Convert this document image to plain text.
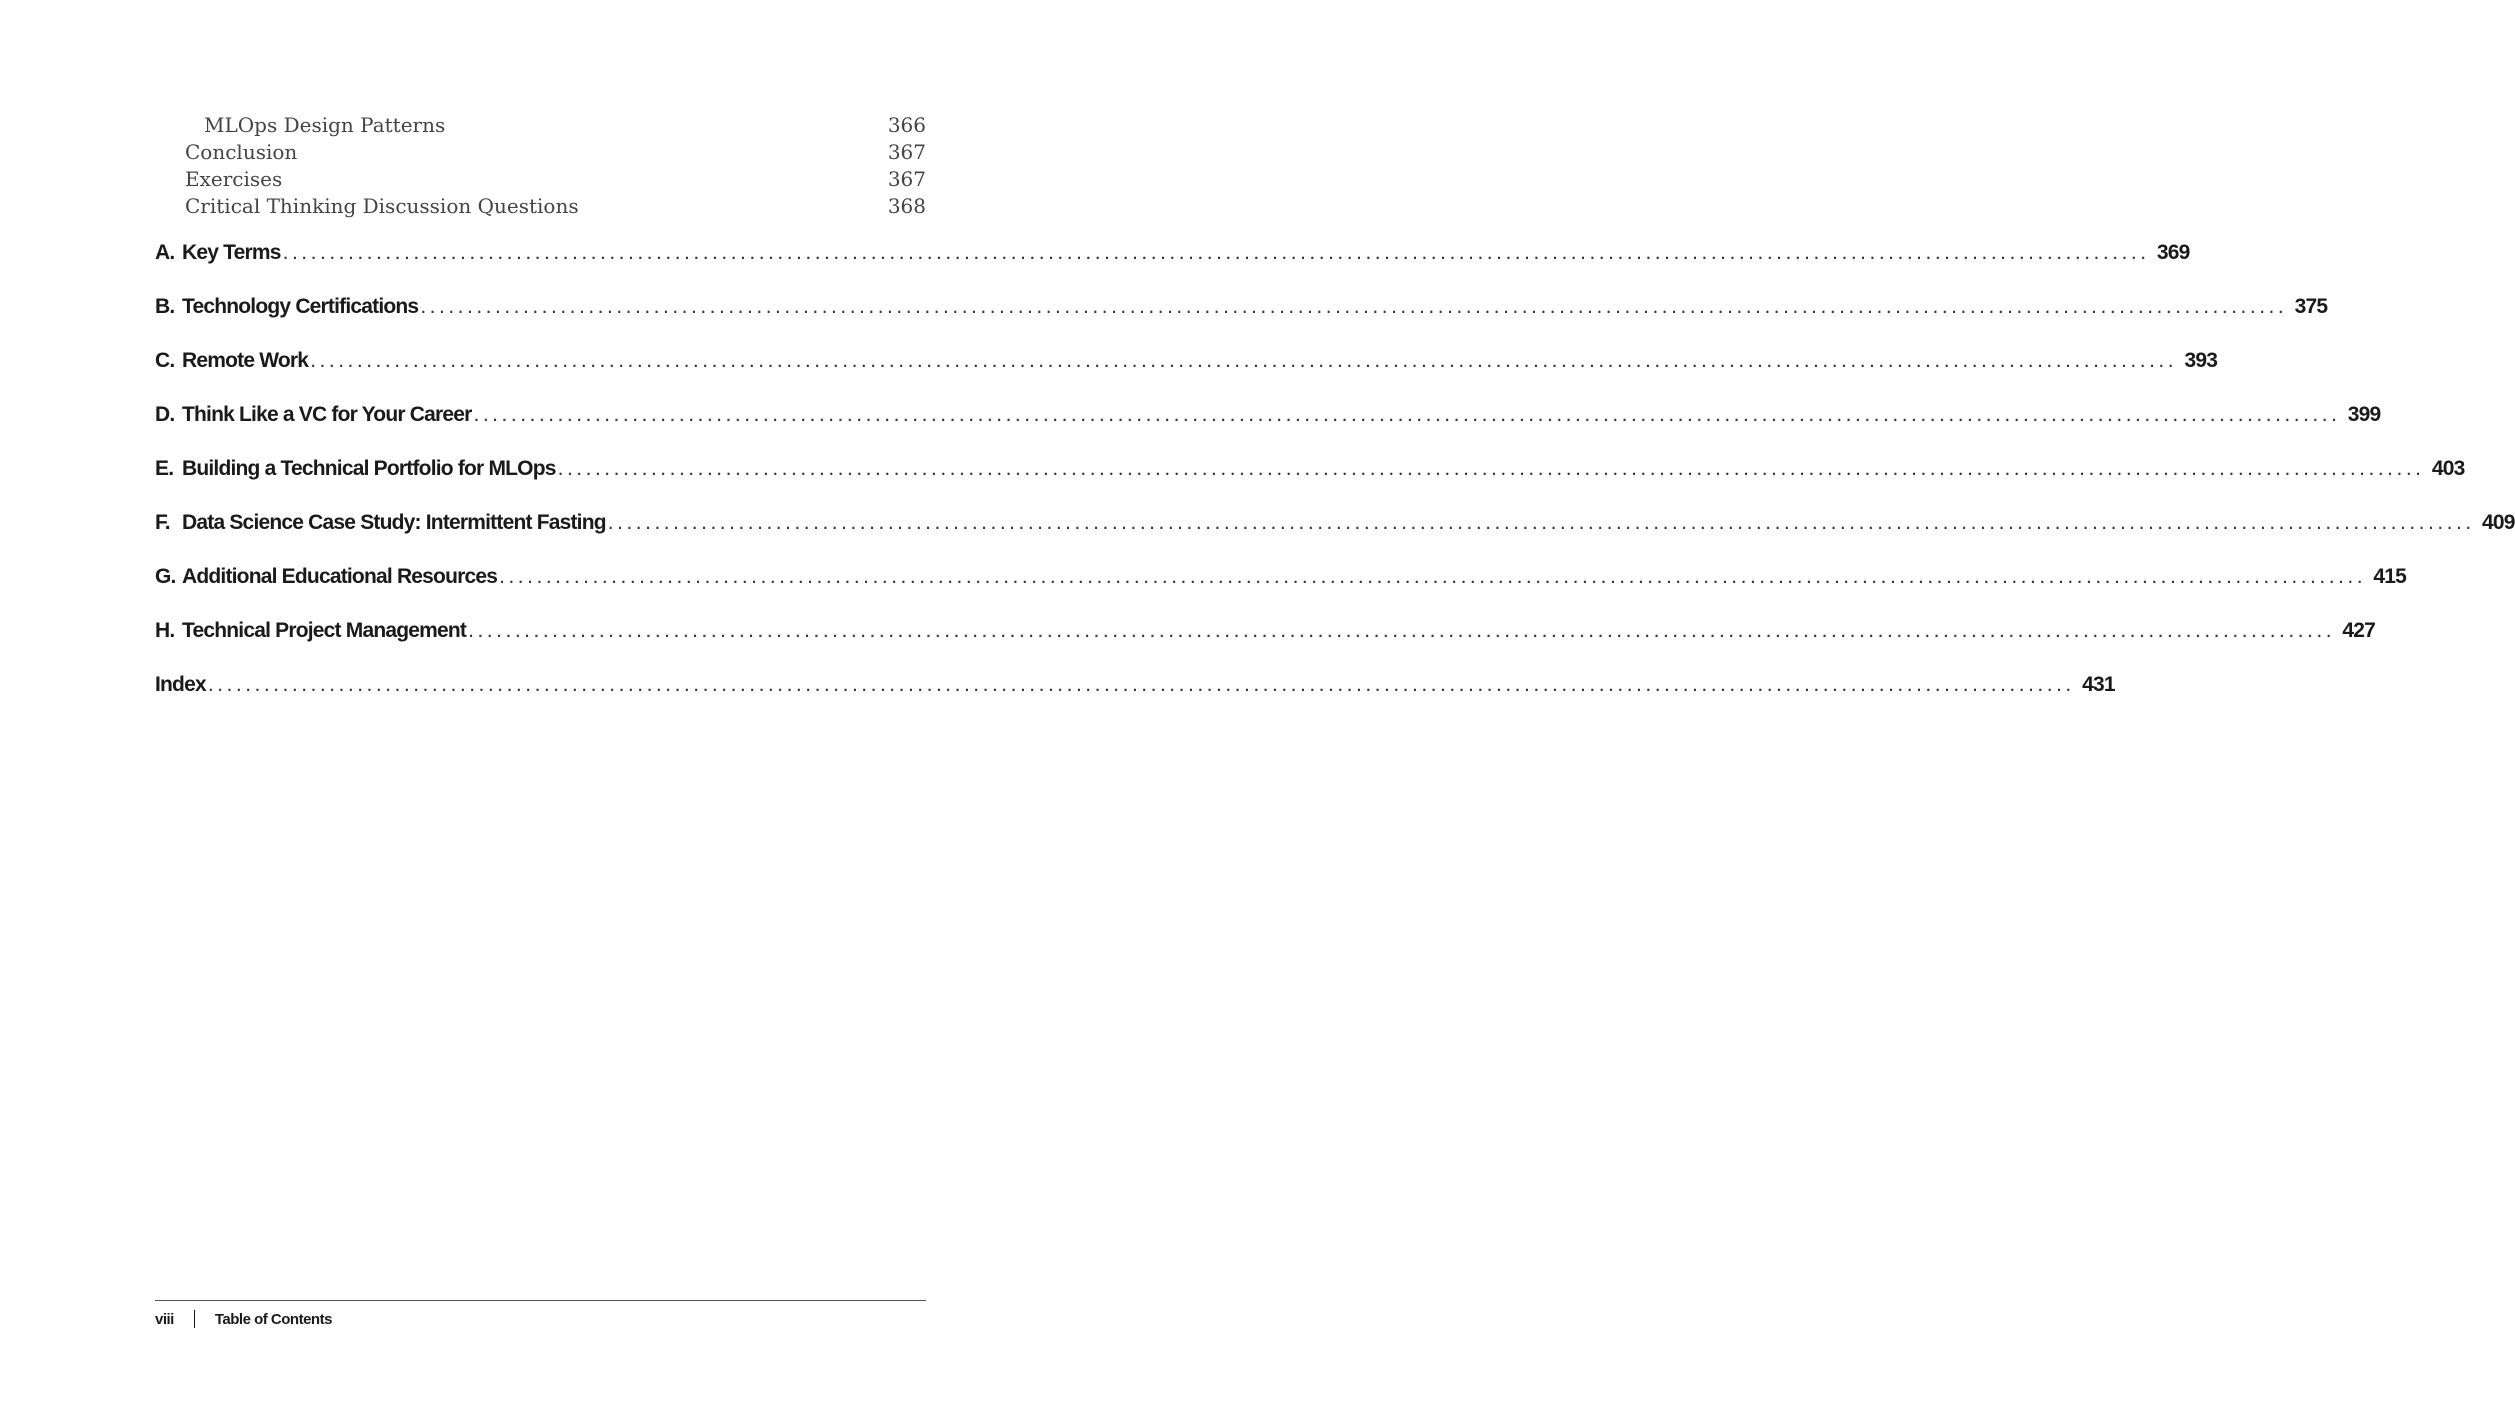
MLOps Design Patterns	366
Conclusion	367
Exercises	367
Critical Thinking Discussion Questions	368
A. Key Terms ........................................................................................................................................................................................................ 369
B. Technology Certifications ........................................................................................................................................................................................................ 375
C. Remote Work ........................................................................................................................................................................................................ 393
D. Think Like a VC for Your Career ........................................................................................................................................................................................................ 399
E. Building a Technical Portfolio for MLOps ........................................................................................................................................................................................................ 403
F. Data Science Case Study: Intermittent Fasting ........................................................................................................................................................................................................ 409
G. Additional Educational Resources ........................................................................................................................................................................................................ 415
H. Technical Project Management ........................................................................................................................................................................................................ 427
Index ........................................................................................................................................................................................................ 431
viii	Table of Contents
